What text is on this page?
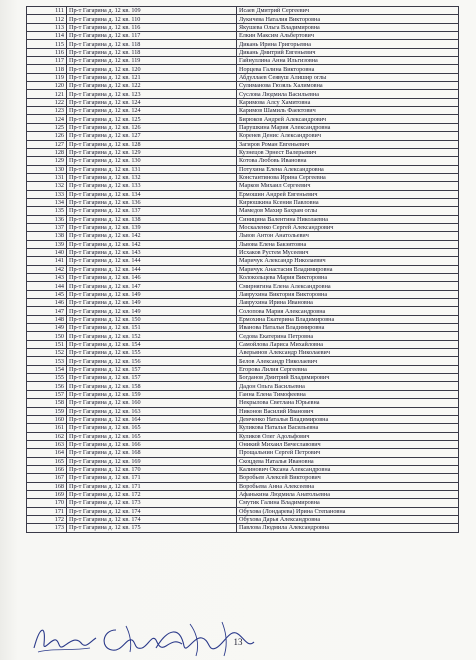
111	Пр-т Гагарина д. 12 кв. 109	Исаев Дмитрий Сергеевич
112	Пр-т Гагарина д. 12 кв. 110	Лукичева Наталия Викторовна
113	Пр-т Гагарина д. 12 кв. 116	Якушева Ольга Владимировна
114	Пр-т Гагарина д. 12 кв. 117	Елкин Максим Альбертович
115	Пр-т Гагарина д. 12 кв. 118	Дикань Ирина Григорьевна
116	Пр-т Гагарина д. 12 кв. 118	Дикань Дмитрий Евгеньевич
117	Пр-т Гагарина д. 12 кв. 119	Гайнуллина Анна Ильгизовна
118	Пр-т Гагарина д. 12 кв. 120	Норцева Галина Викторовна
119	Пр-т Гагарина д. 12 кв. 121	Абдуллаев Сеявуш Алишир оглы
120	Пр-т Гагарина д. 12 кв. 122	Сулиманова Гюзяль Халимовна
121	Пр-т Гагарина д. 12 кв. 123	Суслова Людмила Васильевна
122	Пр-т Гагарина д. 12 кв. 124	Каримова Алсу Хамитовна
123	Пр-т Гагарина д. 12 кв. 124	Каримов Шамиль Фаектович
124	Пр-т Гагарина д. 12 кв. 125	Бирюков Андрей Александрович
125	Пр-т Гагарина д. 12 кв. 126	Парушкина Мария Александровна
126	Пр-т Гагарина д. 12 кв. 127	Коренев Денис Александрович
127	Пр-т Гагарина д. 12 кв. 128	Загиров Роман Евгеньевич
128	Пр-т Гагарина д. 12 кв. 129	Кузнецов Эрнест Валерьевич
129	Пр-т Гагарина д. 12 кв. 130	Котова Любовь Ивановна
130	Пр-т Гагарина д. 12 кв. 131	Потухина Елена Александровна
131	Пр-т Гагарина д. 12 кв. 132	Константинова Ирина Сергеевна
132	Пр-т Гагарина д. 12 кв. 133	Марков Михаил Сергеевич
133	Пр-т Гагарина д. 12 кв. 134	Ермошин Андрей Евгеньевич
134	Пр-т Гагарина д. 12 кв. 136	Кирюшкина Ксения Павловна
135	Пр-т Гагарина д. 12 кв. 137	Мамедов Махир Бахрам оглы
136	Пр-т Гагарина д. 12 кв. 138	Синицина Валентина Николаевна
137	Пр-т Гагарина д. 12 кв. 139	Москаленко Сергей Александрович
138	Пр-т Гагарина д. 12 кв. 142	Львов Антон Анатольевич
139	Пр-т Гагарина д. 12 кв. 142	Львова Елена Бакэитовна
140	Пр-т Гагарина д. 12 кв. 143	Исхаков Рустем Мусеевич
141	Пр-т Гагарина д. 12 кв. 144	Маричук Александр Николаевич
142	Пр-т Гагарина д. 12 кв. 144	Маричук Анастасия Владимировна
143	Пр-т Гагарина д. 12 кв. 146	Колокольцева Мария Викторовна
144	Пр-т Гагарина д. 12 кв. 147	Смирнягина Елена Александровна
145	Пр-т Гагарина д. 12 кв. 149	Лаврухина Виктория Викторовна
146	Пр-т Гагарина д. 12 кв. 149	Лаврухина Ирина Ивановна
147	Пр-т Гагарина д. 12 кв. 149	Солопова Мария Александровна
148	Пр-т Гагарина д. 12 кв. 150	Ермохина Екатерина Владимировна
149	Пр-т Гагарина д. 12 кв. 151	Иванова Наталья Владимировна
150	Пр-т Гагарина д. 12 кв. 152	Седова Екатерина Петровна
151	Пр-т Гагарина д. 12 кв. 154	Самойлова Лариса Михайловна
152	Пр-т Гагарина д. 12 кв. 155	Аверьянов Александр Николаевич
153	Пр-т Гагарина д. 12 кв. 156	Белов Александр Николаевич
154	Пр-т Гагарина д. 12 кв. 157	Егорова Лилия Сергеевна
155	Пр-т Гагарина д. 12 кв. 157	Богданов Дмитрий Владимирович
156	Пр-т Гагарина д. 12 кв. 158	Дадон Ольга Васильевна
157	Пр-т Гагарина д. 12 кв. 159	Ганна Елена Тимофеевна
158	Пр-т Гагарина д. 12 кв. 160	Некрылова Светлана Юрьевна
159	Пр-т Гагарина д. 12 кв. 163	Никонов Василий Иванович
160	Пр-т Гагарина д. 12 кв. 164	Демченко Наталья Владимировна
161	Пр-т Гагарина д. 12 кв. 165	Куликова Наталья Васильевна
162	Пр-т Гагарина д. 12 кв. 165	Куликов Олег Адольфович
163	Пр-т Гагарина д. 12 кв. 166	Оникий Михаил Вячеславович
164	Пр-т Гагарина д. 12 кв. 168	Прощальнин Сергей Петрович
165	Пр-т Гагарина д. 12 кв. 169	Скоцдева Наталья Ивановна
166	Пр-т Гагарина д. 12 кв. 170	Калинович Оксана Александровна
167	Пр-т Гагарина д. 12 кв. 171	Воробьев Алексей Викторович
168	Пр-т Гагарина д. 12 кв. 171	Воробьева Анна Алексеевна
169	Пр-т Гагарина д. 12 кв. 172	Афанькина Людмила Анатольевна
170	Пр-т Гагарина д. 12 кв. 173	Смутик Галина Владимировна
171	Пр-т Гагарина д. 12 кв. 174	Обухова (Лондарева) Ирина Степановна
172	Пр-т Гагарина д. 12 кв. 174	Обухова Дарья Александровна
173	Пр-т Гагарина д. 12 кв. 175	Павлова Людмила Александровна
13
